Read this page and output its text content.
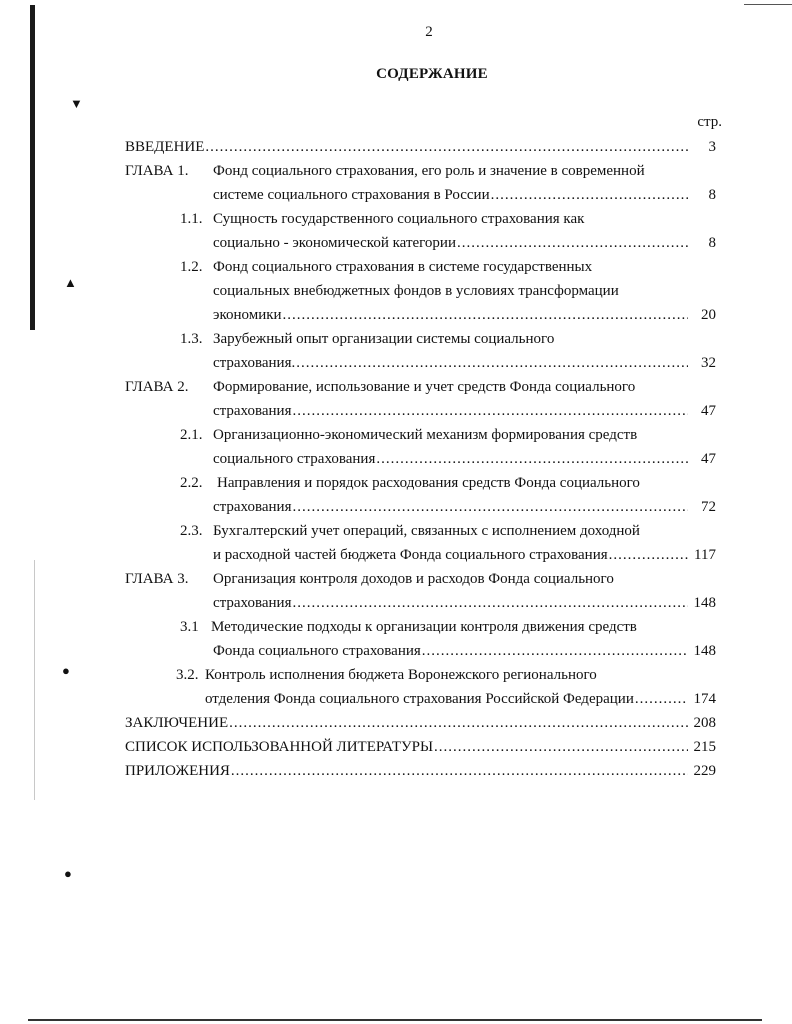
▼
▲
●
●
2
СОДЕРЖАНИЕ
стр.
ВВЕДЕНИЕ .....	3
ГЛАВА 1.	Фонд социального страхования, его роль и значение в современной
системе социального страхования в России .....	8
1.1. Сущность государственного социального страхования как
социально - экономической категории .....	8
1.2. Фонд социального страхования в системе государственных
социальных внебюджетных фондов в условиях трансформации
экономики .....	20
1.3. Зарубежный опыт организации системы социального
страхования. .....	32
ГЛАВА 2.	Формирование, использование и учет средств Фонда социального
страхования .....	47
2.1. Организационно-экономический механизм формирования средств
социального страхования .....	47
2.2. Направления и порядок расходования средств Фонда социального
страхования .....	72
2.3. Бухгалтерский учет операций, связанных с исполнением доходной
и расходной частей бюджета Фонда социального страхования .....	117
ГЛАВА 3.	Организация контроля доходов и расходов Фонда социального
страхования .....	148
3.1 Методические подходы к организации контроля движения средств
Фонда социального страхования .....	148
3.2. Контроль исполнения бюджета Воронежского регионального
отделения Фонда социального страхования Российской Федерации .....	174
ЗАКЛЮЧЕНИЕ .....	208
СПИСОК ИСПОЛЬЗОВАННОЙ ЛИТЕРАТУРЫ .....	215
ПРИЛОЖЕНИЯ .....	229
